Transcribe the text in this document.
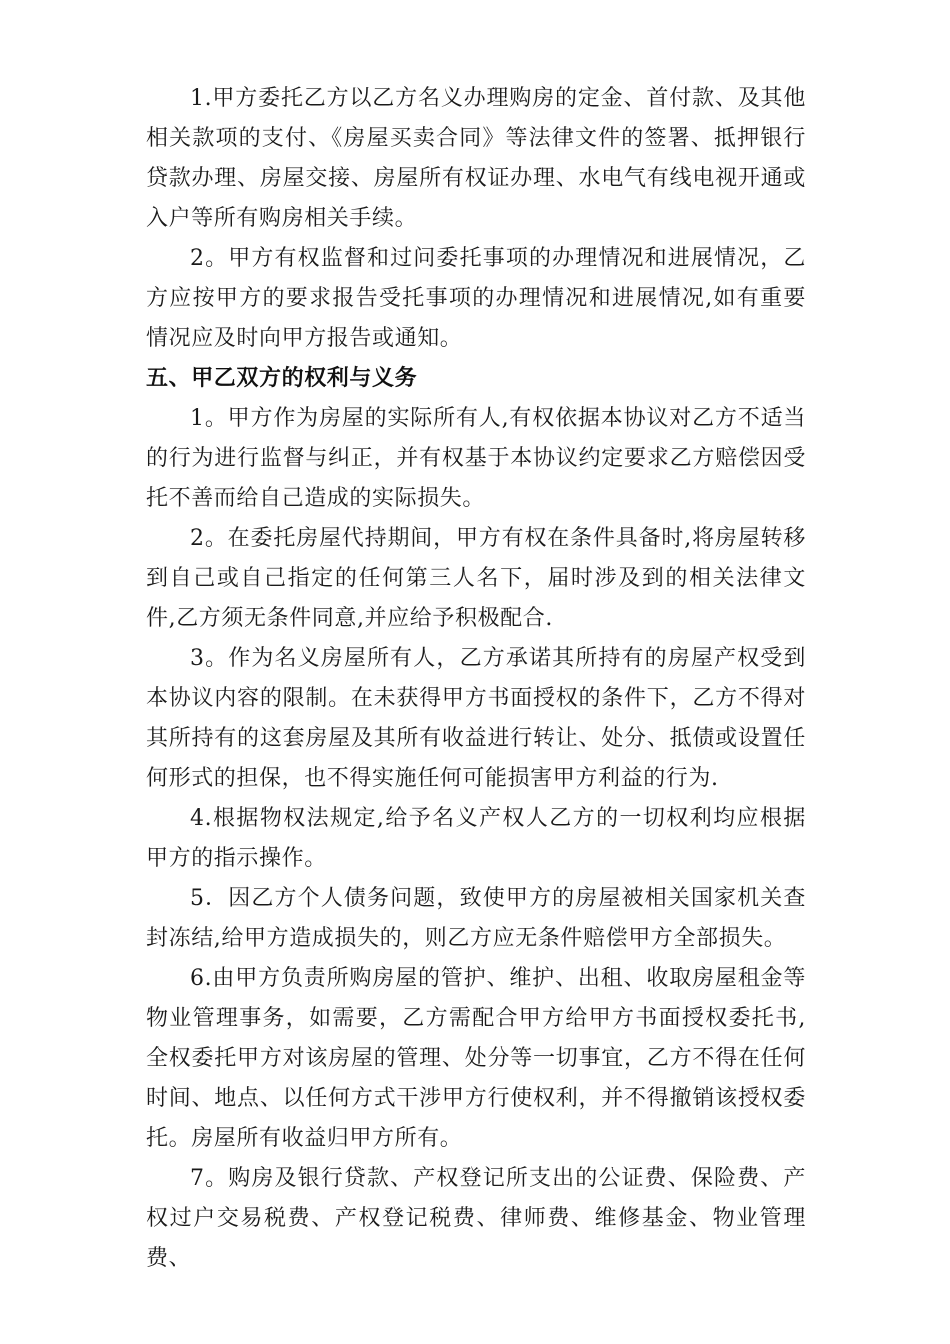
1.甲方委托乙方以乙方名义办理购房的定金、首付款、及其他相关款项的支付、《房屋买卖合同》等法律文件的签署、抵押银行贷款办理、房屋交接、房屋所有权证办理、水电气有线电视开通或入户等所有购房相关手续。

2。甲方有权监督和过问委托事项的办理情况和进展情况，乙方应按甲方的要求报告受托事项的办理情况和进展情况,如有重要情况应及时向甲方报告或通知。

五、甲乙双方的权利与义务

1。甲方作为房屋的实际所有人,有权依据本协议对乙方不适当的行为进行监督与纠正，并有权基于本协议约定要求乙方赔偿因受托不善而给自己造成的实际损失。

2。在委托房屋代持期间，甲方有权在条件具备时,将房屋转移到自己或自己指定的任何第三人名下，届时涉及到的相关法律文件,乙方须无条件同意,并应给予积极配合.

3。作为名义房屋所有人，乙方承诺其所持有的房屋产权受到本协议内容的限制。在未获得甲方书面授权的条件下，乙方不得对其所持有的这套房屋及其所有收益进行转让、处分、抵债或设置任何形式的担保，也不得实施任何可能损害甲方利益的行为.

4.根据物权法规定,给予名义产权人乙方的一切权利均应根据甲方的指示操作。

5．因乙方个人债务问题，致使甲方的房屋被相关国家机关查封冻结,给甲方造成损失的，则乙方应无条件赔偿甲方全部损失。

6.由甲方负责所购房屋的管护、维护、出租、收取房屋租金等物业管理事务，如需要，乙方需配合甲方给甲方书面授权委托书,全权委托甲方对该房屋的管理、处分等一切事宜，乙方不得在任何时间、地点、以任何方式干涉甲方行使权利，并不得撤销该授权委托。房屋所有收益归甲方所有。

7。购房及银行贷款、产权登记所支出的公证费、保险费、产权过户交易税费、产权登记税费、律师费、维修基金、物业管理费、
